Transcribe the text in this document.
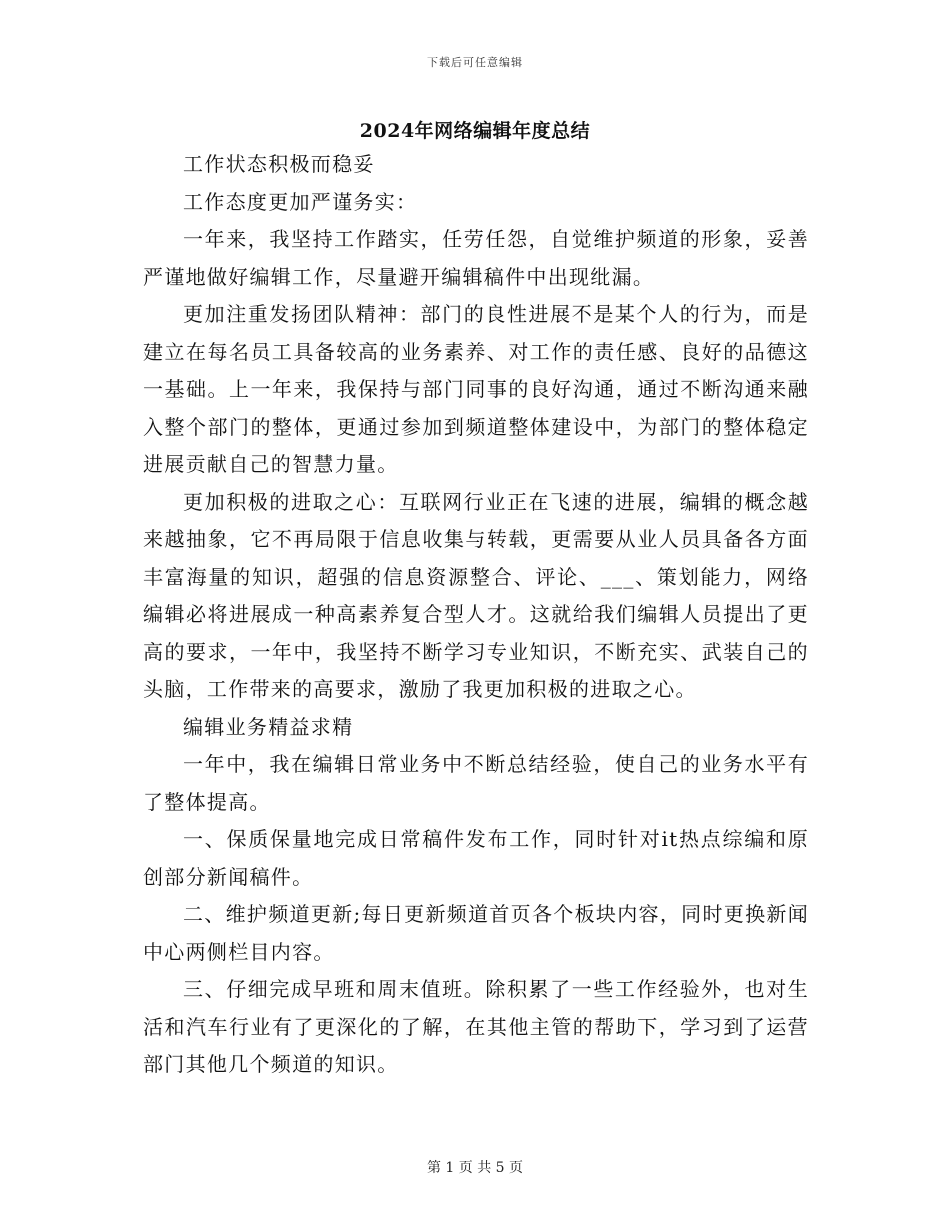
下载后可任意编辑
2024年网络编辑年度总结

工作状态积极而稳妥

工作态度更加严谨务实：

一年来，我坚持工作踏实，任劳任怨，自觉维护频道的形象，妥善严谨地做好编辑工作，尽量避开编辑稿件中出现纰漏。

更加注重发扬团队精神：部门的良性进展不是某个人的行为，而是建立在每名员工具备较高的业务素养、对工作的责任感、良好的品德这一基础。上一年来，我保持与部门同事的良好沟通，通过不断沟通来融入整个部门的整体，更通过参加到频道整体建设中，为部门的整体稳定进展贡献自己的智慧力量。

更加积极的进取之心：互联网行业正在飞速的进展，编辑的概念越来越抽象，它不再局限于信息收集与转载，更需要从业人员具备各方面丰富海量的知识，超强的信息资源整合、评论、___、策划能力，网络编辑必将进展成一种高素养复合型人才。这就给我们编辑人员提出了更高的要求，一年中，我坚持不断学习专业知识，不断充实、武装自己的头脑，工作带来的高要求，激励了我更加积极的进取之心。

编辑业务精益求精

一年中，我在编辑日常业务中不断总结经验，使自己的业务水平有了整体提高。

一、保质保量地完成日常稿件发布工作，同时针对it热点综编和原创部分新闻稿件。

二、维护频道更新;每日更新频道首页各个板块内容，同时更换新闻中心两侧栏目内容。

三、仔细完成早班和周末值班。除积累了一些工作经验外，也对生活和汽车行业有了更深化的了解，在其他主管的帮助下，学习到了运营部门其他几个频道的知识。

第 1 页 共 5 页
